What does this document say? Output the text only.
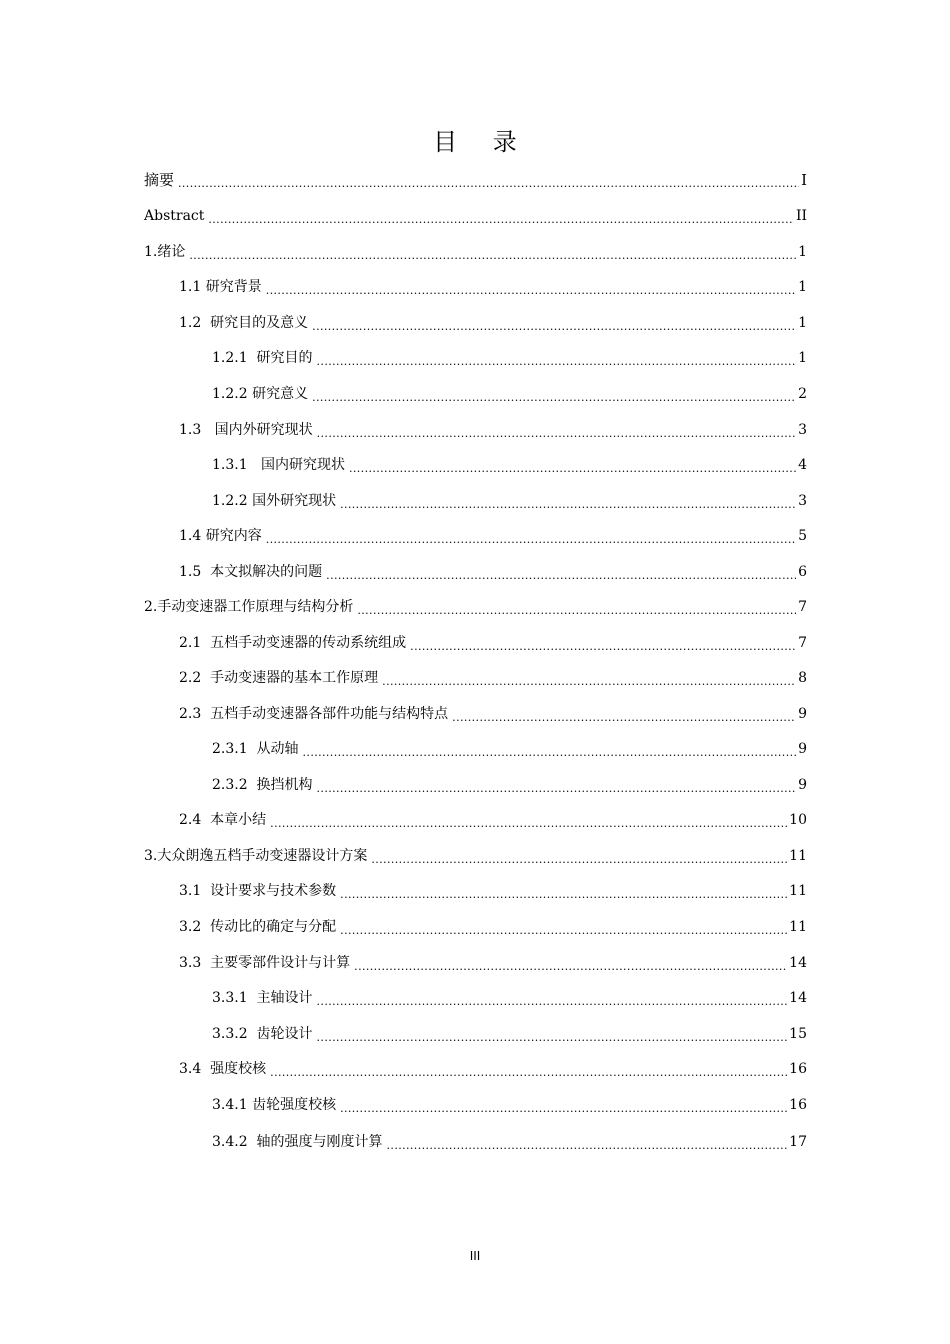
目 录
摘要 .....	I
Abstract .....	II
1.绪论 .....	1
1.1 研究背景 .....	1
1.2  研究目的及意义 .....	1
1.2.1  研究目的 .....	1
1.2.2 研究意义 .....	2
1.3   国内外研究现状 .....	3
1.3.1   国内研究现状 .....	4
1.2.2 国外研究现状 .....	3
1.4 研究内容 .....	5
1.5  本文拟解决的问题 .....	6
2.手动变速器工作原理与结构分析 .....	7
2.1  五档手动变速器的传动系统组成 .....	7
2.2  手动变速器的基本工作原理 .....	8
2.3  五档手动变速器各部件功能与结构特点 .....	9
2.3.1  从动轴 .....	9
2.3.2  换挡机构 .....	9
2.4  本章小结 .....	10
3.大众朗逸五档手动变速器设计方案 .....	11
3.1  设计要求与技术参数 .....	11
3.2  传动比的确定与分配 .....	11
3.3  主要零部件设计与计算 .....	14
3.3.1  主轴设计 .....	14
3.3.2  齿轮设计 .....	15
3.4  强度校核 .....	16
3.4.1 齿轮强度校核 .....	16
3.4.2  轴的强度与刚度计算 .....	17
III
